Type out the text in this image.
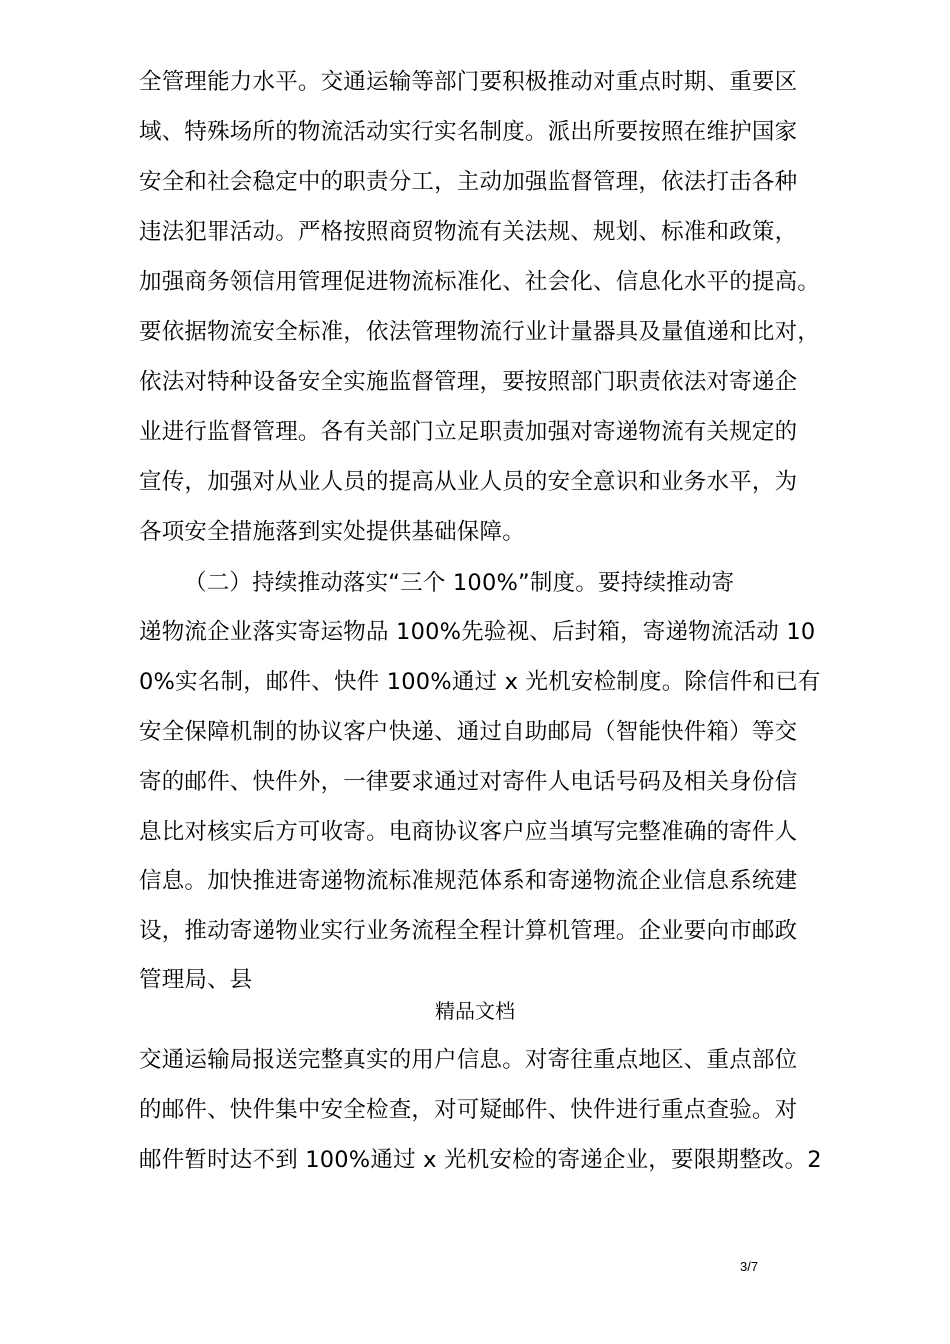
全管理能力水平。交通运输等部门要积极推动对重点时期、重要区
域、特殊场所的物流活动实行实名制度。派出所要按照在维护国家
安全和社会稳定中的职责分工，主动加强监督管理，依法打击各种
违法犯罪活动。严格按照商贸物流有关法规、规划、标准和政策，
加强商务领信用管理促进物流标准化、社会化、信息化水平的提高。
要依据物流安全标准，依法管理物流行业计量器具及量值递和比对，
依法对特种设备安全实施监督管理，要按照部门职责依法对寄递企
业进行监督管理。各有关部门立足职责加强对寄递物流有关规定的
宣传，加强对从业人员的提高从业人员的安全意识和业务水平，为
各项安全措施落到实处提供基础保障。
（二）持续推动落实“三个 100%”制度。要持续推动寄
递物流企业落实寄运物品 100%先验视、后封箱，寄递物流活动 10
0%实名制，邮件、快件 100%通过 x 光机安检制度。除信件和已有
安全保障机制的协议客户快递、通过自助邮局（智能快件箱）等交
寄的邮件、快件外，一律要求通过对寄件人电话号码及相关身份信
息比对核实后方可收寄。电商协议客户应当填写完整准确的寄件人
信息。加快推进寄递物流标准规范体系和寄递物流企业信息系统建
设，推动寄递物业实行业务流程全程计算机管理。企业要向市邮政
管理局、县
精品文档
交通运输局报送完整真实的用户信息。对寄往重点地区、重点部位
的邮件、快件集中安全检查，对可疑邮件、快件进行重点查验。对
邮件暂时达不到 100%通过 x 光机安检的寄递企业，要限期整改。2
3/7
